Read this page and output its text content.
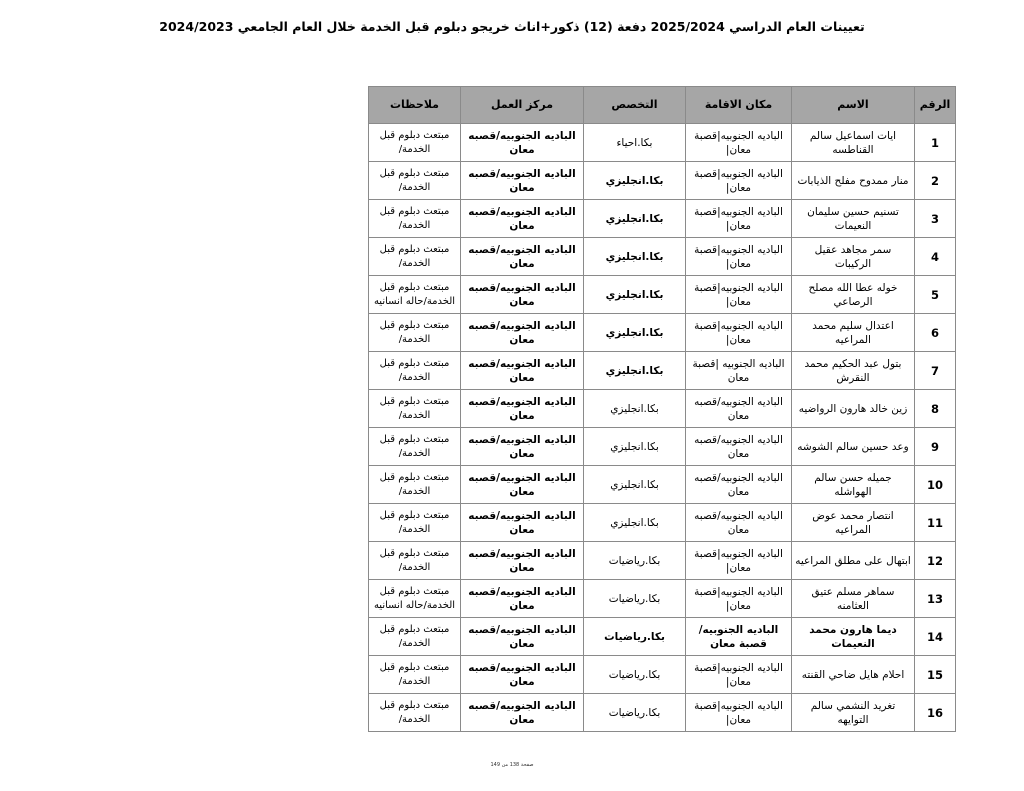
تعيينات العام الدراسي 2025/2024 دفعة (12) ذكور+اناث خريجو دبلوم قبل الخدمة خلال العام الجامعي 2024/2023
الرقم	الاسم	مكان الاقامة	التخصص	مركز العمل	ملاحظات
1	ايات اسماعيل سالم القناطسه	الباديه الجنوبيه|قصبة معان|	بكا.احياء	الباديه الجنوبيه/قصبه معان	مبتعث دبلوم قبل الخدمة/
2	منار ممدوح مفلح الذيابات	الباديه الجنوبيه|قصبة معان|	بكا.انجليزي	الباديه الجنوبيه/قصبه معان	مبتعث دبلوم قبل الخدمة/
3	تسنيم حسين سليمان النعيمات	الباديه الجنوبيه|قصبة معان|	بكا.انجليزي	الباديه الجنوبيه/قصبه معان	مبتعث دبلوم قبل الخدمة/
4	سمر مجاهد عقيل الركيبات	الباديه الجنوبيه|قصبة معان|	بكا.انجليزي	الباديه الجنوبيه/قصبه معان	مبتعث دبلوم قبل الخدمة/
5	خوله عطا الله مصلح الرصاعي	الباديه الجنوبيه|قصبة معان|	بكا.انجليزي	الباديه الجنوبيه/قصبه معان	مبتعث دبلوم قبل الخدمة/حاله انسانيه
6	اعتدال سليم محمد المراعيه	الباديه الجنوبيه|قصبة معان|	بكا.انجليزي	الباديه الجنوبيه/قصبه معان	مبتعث دبلوم قبل الخدمة/
7	بتول عبد الحكيم محمد النقرش	الباديه الجنوبيه |قصبة معان	بكا.انجليزي	الباديه الجنوبيه/قصبه معان	مبتعث دبلوم قبل الخدمة/
8	زين خالد هارون الرواضيه	الباديه الجنوبيه/قصبه معان	بكا.انجليزي	الباديه الجنوبيه/قصبه معان	مبتعث دبلوم قبل الخدمة/
9	وعد حسين سالم الشوشه	الباديه الجنوبيه/قصبه معان	بكا.انجليزي	الباديه الجنوبيه/قصبه معان	مبتعث دبلوم قبل الخدمة/
10	جميله حسن سالم الهواشله	الباديه الجنوبيه/قصبه معان	بكا.انجليزي	الباديه الجنوبيه/قصبه معان	مبتعث دبلوم قبل الخدمة/
11	انتصار محمد عوض المراعيه	الباديه الجنوبيه/قصبه معان	بكا.انجليزي	الباديه الجنوبيه/قصبه معان	مبتعث دبلوم قبل الخدمة/
12	ابتهال على مطلق المراعيه	الباديه الجنوبيه|قصبة معان|	بكا.رياضيات	الباديه الجنوبيه/قصبه معان	مبتعث دبلوم قبل الخدمة/
13	سماهر مسلم عتيق العثامنه	الباديه الجنوبيه|قصبة معان|	بكا.رياضيات	الباديه الجنوبيه/قصبه معان	مبتعث دبلوم قبل الخدمة/حاله انسانيه
14	ديما هارون محمد النعيمات	الباديه الجنوبيه/قصبة معان	بكا.رياضيات	الباديه الجنوبيه/قصبه معان	مبتعث دبلوم قبل الخدمة/
15	احلام هايل ضاحي القنته	الباديه الجنوبيه|قصبة معان|	بكا.رياضيات	الباديه الجنوبيه/قصبه معان	مبتعث دبلوم قبل الخدمة/
16	تغريد النشمي سالم التوايهه	الباديه الجنوبيه|قصبة معان|	بكا.رياضيات	الباديه الجنوبيه/قصبه معان	مبتعث دبلوم قبل الخدمة/
صفحة 138 من 149
